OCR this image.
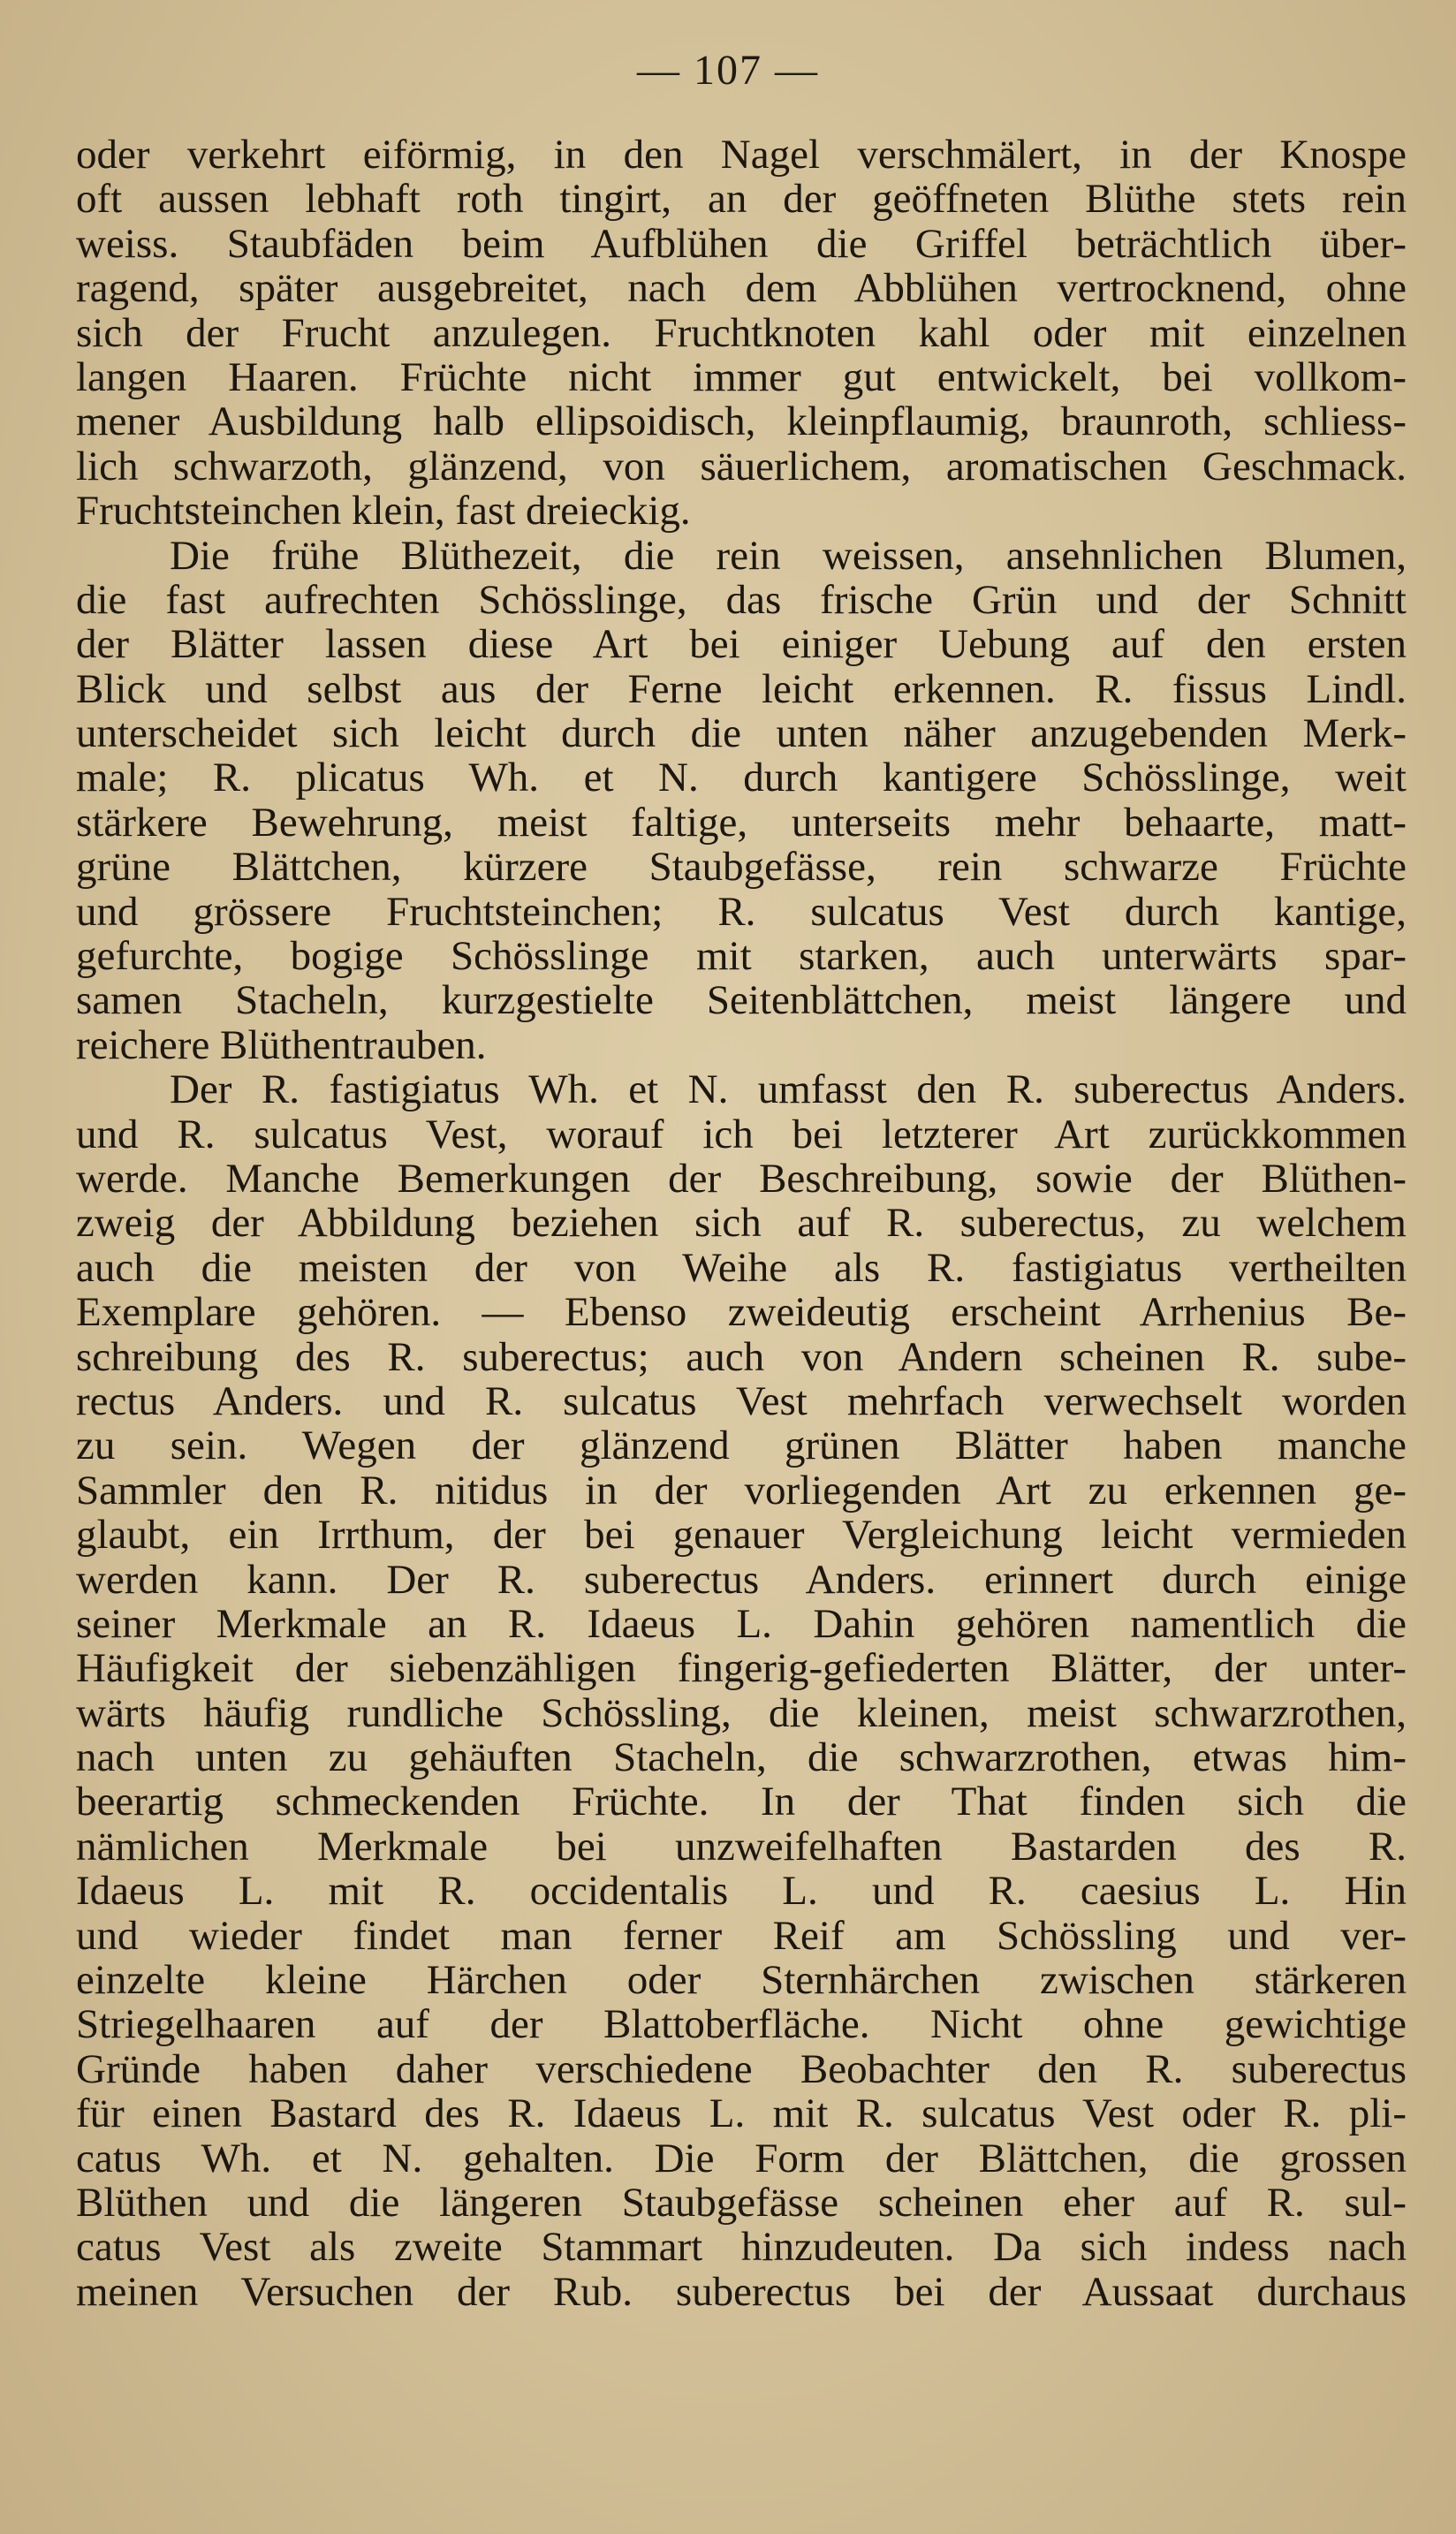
— 107 —
oder verkehrt eiförmig, in den Nagel verschmälert, in der Knospe
oft aussen lebhaft roth tingirt, an der geöffneten Blüthe stets rein
weiss. Staubfäden beim Aufblühen die Griffel beträchtlich über-
ragend, später ausgebreitet, nach dem Abblühen vertrocknend, ohne
sich der Frucht anzulegen. Fruchtknoten kahl oder mit einzelnen
langen Haaren. Früchte nicht immer gut entwickelt, bei vollkom-
mener Ausbildung halb ellipsoidisch, kleinpflaumig, braunroth, schliess-
lich schwarzoth, glänzend, von säuerlichem, aromatischen Geschmack.
Fruchtsteinchen klein, fast dreieckig.
Die frühe Blüthezeit, die rein weissen, ansehnlichen Blumen,
die fast aufrechten Schösslinge, das frische Grün und der Schnitt
der Blätter lassen diese Art bei einiger Uebung auf den ersten
Blick und selbst aus der Ferne leicht erkennen. R. fissus Lindl.
unterscheidet sich leicht durch die unten näher anzugebenden Merk-
male; R. plicatus Wh. et N. durch kantigere Schösslinge, weit
stärkere Bewehrung, meist faltige, unterseits mehr behaarte, matt-
grüne Blättchen, kürzere Staubgefässe, rein schwarze Früchte
und grössere Fruchtsteinchen; R. sulcatus Vest durch kantige,
gefurchte, bogige Schösslinge mit starken, auch unterwärts spar-
samen Stacheln, kurzgestielte Seitenblättchen, meist längere und
reichere Blüthentrauben.
Der R. fastigiatus Wh. et N. umfasst den R. suberectus Anders.
und R. sulcatus Vest, worauf ich bei letzterer Art zurückkommen
werde. Manche Bemerkungen der Beschreibung, sowie der Blüthen-
zweig der Abbildung beziehen sich auf R. suberectus, zu welchem
auch die meisten der von Weihe als R. fastigiatus vertheilten
Exemplare gehören. — Ebenso zweideutig erscheint Arrhenius Be-
schreibung des R. suberectus; auch von Andern scheinen R. sube-
rectus Anders. und R. sulcatus Vest mehrfach verwechselt worden
zu sein. Wegen der glänzend grünen Blätter haben manche
Sammler den R. nitidus in der vorliegenden Art zu erkennen ge-
glaubt, ein Irrthum, der bei genauer Vergleichung leicht vermieden
werden kann. Der R. suberectus Anders. erinnert durch einige
seiner Merkmale an R. Idaeus L. Dahin gehören namentlich die
Häufigkeit der siebenzähligen fingerig-gefiederten Blätter, der unter-
wärts häufig rundliche Schössling, die kleinen, meist schwarzrothen,
nach unten zu gehäuften Stacheln, die schwarzrothen, etwas him-
beerartig schmeckenden Früchte. In der That finden sich die
nämlichen Merkmale bei unzweifelhaften Bastarden des R.
Idaeus L. mit R. occidentalis L. und R. caesius L. Hin
und wieder findet man ferner Reif am Schössling und ver-
einzelte kleine Härchen oder Sternhärchen zwischen stärkeren
Striegelhaaren auf der Blattoberfläche. Nicht ohne gewichtige
Gründe haben daher verschiedene Beobachter den R. suberectus
für einen Bastard des R. Idaeus L. mit R. sulcatus Vest oder R. pli-
catus Wh. et N. gehalten. Die Form der Blättchen, die grossen
Blüthen und die längeren Staubgefässe scheinen eher auf R. sul-
catus Vest als zweite Stammart hinzudeuten. Da sich indess nach
meinen Versuchen der Rub. suberectus bei der Aussaat durchaus
